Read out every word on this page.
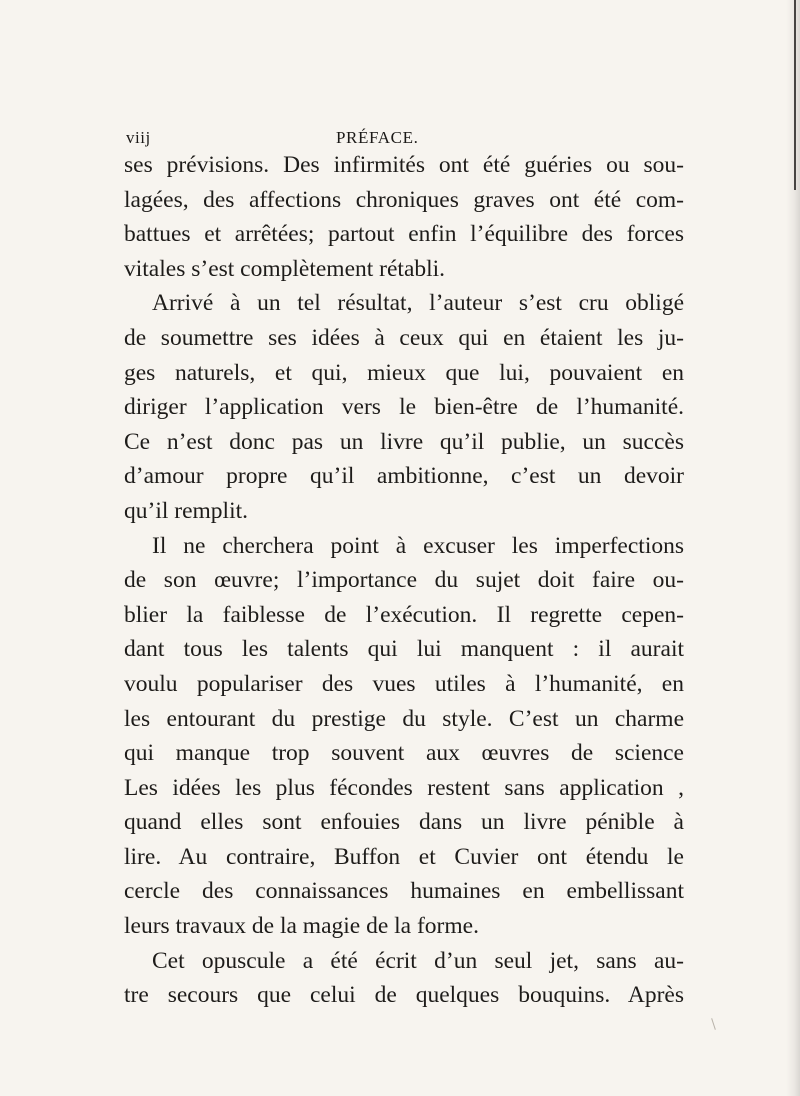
viij	PRÉFACE.
ses prévisions. Des infirmités ont été guéries ou sou-
lagées, des affections chroniques graves ont été com-
battues et arrêtées; partout enfin l’équilibre des forces
vitales s’est complètement rétabli.
Arrivé à un tel résultat, l’auteur s’est cru obligé
de soumettre ses idées à ceux qui en étaient les ju-
ges naturels, et qui, mieux que lui, pouvaient en
diriger l’application vers le bien-être de l’humanité.
Ce n’est donc pas un livre qu’il publie, un succès
d’amour propre qu’il ambitionne, c’est un devoir
qu’il remplit.
Il ne cherchera point à excuser les imperfections
de son œuvre; l’importance du sujet doit faire ou-
blier la faiblesse de l’exécution. Il regrette cepen-
dant tous les talents qui lui manquent : il aurait
voulu populariser des vues utiles à l’humanité, en
les entourant du prestige du style. C’est un charme
qui manque trop souvent aux œuvres de science
Les idées les plus fécondes restent sans application ,
quand elles sont enfouies dans un livre pénible à
lire. Au contraire, Buffon et Cuvier ont étendu le
cercle des connaissances humaines en embellissant
leurs travaux de la magie de la forme.
Cet opuscule a été écrit d’un seul jet, sans au-
tre secours que celui de quelques bouquins. Après
